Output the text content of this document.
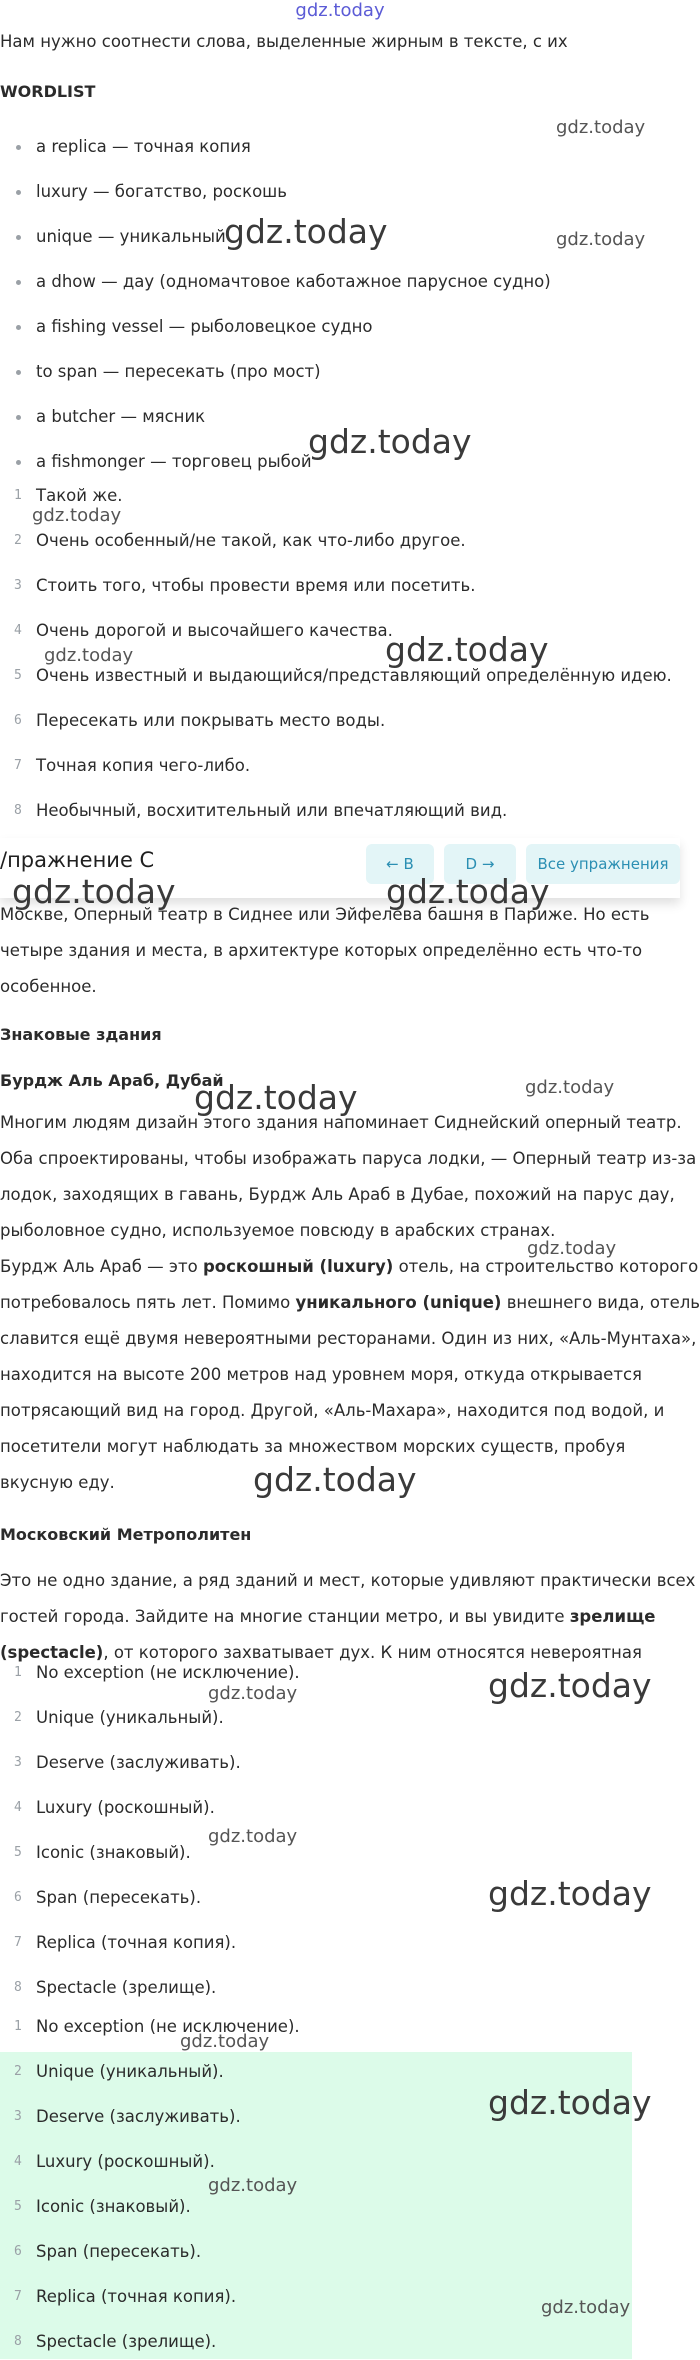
gdz.today
Нам нужно соотнести слова, выделенные жирным в тексте, с их
WORDLIST
a replica — точная копия
luxury — богатство, роскошь
unique — уникальный
a dhow — дау (одномачтовое каботажное парусное судно)
a fishing vessel — рыболовецкое судно
to span — пересекать (про мост)
a butcher — мясник
a fishmonger — торговец рыбой
1 Такой же.
2 Очень особенный/не такой, как что-либо другое.
3 Стоить того, чтобы провести время или посетить.
4 Очень дорогой и высочайшего качества.
5 Очень известный и выдающийся/представляющий определённую идею.
6 Пересекать или покрывать место воды.
7 Точная копия чего-либо.
8 Необычный, восхитительный или впечатляющий вид.
/пражнение C	← B	D →	Все упражнения
Москве, Оперный театр в Сиднее или Эйфелева башня в Париже. Но есть
четыре здания и места, в архитектуре которых определённо есть что-то
особенное.
Знаковые здания
Бурдж Аль Араб, Дубай
Многим людям дизайн этого здания напоминает Сиднейский оперный театр.
Оба спроектированы, чтобы изображать паруса лодки, — Оперный театр из-за
лодок, заходящих в гавань, Бурдж Аль Араб в Дубае, похожий на парус дау,
рыболовное судно, используемое повсюду в арабских странах.
Бурдж Аль Араб — это роскошный (luxury) отель, на строительство которого
потребовалось пять лет. Помимо уникального (unique) внешнего вида, отель
славится ещё двумя невероятными ресторанами. Один из них, «Аль-Мунтаха»,
находится на высоте 200 метров над уровнем моря, откуда открывается
потрясающий вид на город. Другой, «Аль-Махара», находится под водой, и
посетители могут наблюдать за множеством морских существ, пробуя
вкусную еду.
Московский Метрополитен
Это не одно здание, а ряд зданий и мест, которые удивляют практически всех
гостей города. Зайдите на многие станции метро, и вы увидите зрелище
(spectacle), от которого захватывает дух. К ним относятся невероятная
1 No exception (не исключение).
2 Unique (уникальный).
3 Deserve (заслуживать).
4 Luxury (роскошный).
5 Iconic (знаковый).
6 Span (пересекать).
7 Replica (точная копия).
8 Spectacle (зрелище).
1 No exception (не исключение).
2 Unique (уникальный).
3 Deserve (заслуживать).
4 Luxury (роскошный).
5 Iconic (знаковый).
6 Span (пересекать).
7 Replica (точная копия).
8 Spectacle (зрелище).
gdz.today
gdz.today	gdz.today
gdz.today
gdz.today
gdz.today
gdz.today
gdz.today	gdz.today
gdz.today	gdz.today
gdz.today
gdz.today
gdz.today	gdz.today
gdz.today
gdz.today
gdz.today
gdz.today
gdz.today
gdz.today
